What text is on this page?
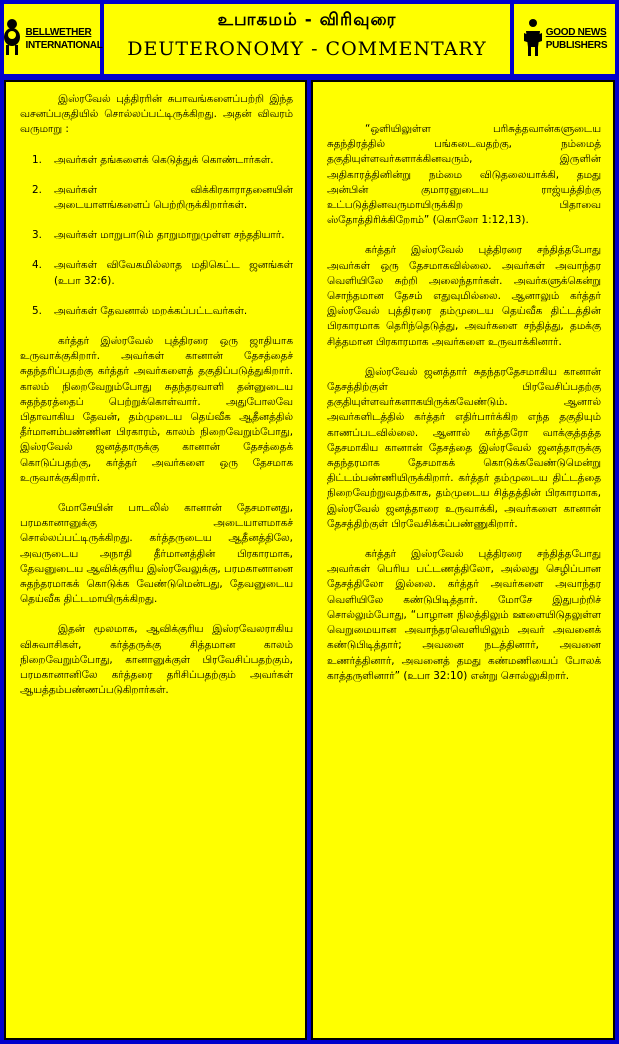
BELLWETHER
INTERNATIONAL
உபாகமம் - விரிவுரை
DEUTERONOMY - COMMENTARY
GOOD NEWS
PUBLISHERS

இஸ்ரவேல் புத்திரரின் சுபாவங்களைப்பற்றி இந்த வசனப்பகுதியில் சொல்லப்பட்டிருக்கிறது. அதன் விவரம் வருமாறு :

1. அவர்கள் தங்களைக் கெடுத்துக் கொண்டார்கள்.
2. அவர்கள் விக்கிரகாராதனையின் அடையாளங்களைப் பெற்றிருக்கிறார்கள்.
3. அவர்கள் மாறுபாடும் தாறுமாறுமுள்ள சந்ததியார்.
4. அவர்கள் விவேகமில்லாத மதிகெட்ட ஜனங்கள் (உபா 32:6).
5. அவர்கள் தேவனால் மறக்கப்பட்டவர்கள்.

கர்த்தர் இஸ்ரவேல் புத்திரரை ஒரு ஜாதியாக உருவாக்குகிறார். அவர்கள் கானான் தேசத்தைச் சுதந்தரிப்பதற்கு கர்த்தர் அவர்களைத் தகுதிப்படுத்துகிறார். காலம் நிறைவேறும்போது சுதந்தரவாளி தன்னுடைய சுதந்தரத்தைப் பெற்றுக்கொள்வார். அதுபோலவே பிதாவாகிய தேவன், தம்முடைய தெய்வீக ஆதீனத்தில் தீர்மானம்பண்ணின பிரகாரம், காலம் நிறைவேறும்போது, இஸ்ரவேல் ஜனத்தாருக்கு கானான் தேசத்தைக் கொடுப்பதற்கு, கர்த்தர் அவர்களை ஒரு தேசமாக உருவாக்குகிறார்.

மோசேயின் பாடலில் கானான் தேசமானது, பரமகானானுக்கு அடையாளமாகச் சொல்லப்பட்டிருக்கிறது. கர்த்தருடைய ஆதீனத்திலே, அவருடைய அநாதி தீர்மானத்தின் பிரகாரமாக, தேவனுடைய ஆவிக்குரிய இஸ்ரவேலுக்கு, பரமகானானை சுதந்தரமாகக் கொடுக்க வேண்டுமென்பது, தேவனுடைய தெய்வீக திட்டமாயிருக்கிறது.

இதன் மூலமாக, ஆவிக்குரிய இஸ்ரவேலராகிய விசுவாசிகள், கர்த்தருக்கு சித்தமான காலம் நிறைவேறும்போது, கானானுக்குள் பிரவேசிப்பதற்கும், பரமகானானிலே கர்த்தரை தரிசிப்பதற்கும் அவர்கள் ஆயத்தம்பண்ணப்படுகிறார்கள்.

“ஒளியிலுள்ள பரிசுத்தவான்களுடைய சுதந்திரத்தில் பங்கடைவதற்கு, நம்மைத் தகுதியுள்ளவர்களாக்கினவரும், இருளின் அதிகாரத்தினின்று நம்மை விடுதலையாக்கி, தமது அன்பின் குமாரனுடைய ராஜ்யத்திற்கு உட்படுத்தினவருமாயிருக்கிற பிதாவை ஸ்தோத்திரிக்கிறோம்” (கொலோ 1:12,13).

கர்த்தர் இஸ்ரவேல் புத்திரரை சந்தித்தபோது அவர்கள் ஒரு தேசமாகவில்லை. அவர்கள் அவாந்தர வெளியிலே சுற்றி அலைந்தார்கள். அவர்களுக்கென்று சொந்தமான தேசம் எதுவுமில்லை. ஆனாலும் கர்த்தர் இஸ்ரவேல் புத்திரரை தம்முடைய தெய்வீக திட்டத்தின் பிரகாரமாக தெரிந்தெடுத்து, அவர்களை சந்தித்து, தமக்கு சித்தமான பிரகாரமாக அவர்களை உருவாக்கினார்.

இஸ்ரவேல் ஜனத்தார் சுதந்தரதேசமாகிய கானான் தேசத்திற்குள் பிரவேசிப்பதற்கு தகுதியுள்ளவர்களாகயிருக்கவேண்டும். ஆனால் அவர்களிடத்தில் கர்த்தர் எதிர்பார்க்கிற எந்த தகுதியும் காணப்படவில்லை. ஆனால் கர்த்தரோ வாக்குத்தத்த தேசமாகிய கானான் தேசத்தை இஸ்ரவேல் ஜனத்தாருக்கு சுதந்தரமாக தேசமாகக் கொடுக்கவேண்டுமென்று திட்டம்பண்ணியிருக்கிறார். கர்த்தர் தம்முடைய திட்டத்தை நிறைவேற்றுவதற்காக, தம்முடைய சித்தத்தின் பிரகாரமாக, இஸ்ரவேல் ஜனத்தாரை உருவாக்கி, அவர்களை கானான் தேசத்திற்குள் பிரவேசிக்கப்பண்ணுகிறார்.

கர்த்தர் இஸ்ரவேல் புத்திரரை சந்தித்தபோது அவர்கள் பெரிய பட்டணத்திலோ, அல்லது செழிப்பான தேசத்திலோ இல்லை. கர்த்தர் அவர்களை அவாந்தர வெளியிலே கண்டுபிடித்தார். மோசே இதுபற்றிச் சொல்லும்போது, “பாழான நிலத்திலும் ஊளையிடுதலுள்ள வெறுமையான அவாந்தரவெளியிலும் அவர் அவனைக் கண்டுபிடித்தார்; அவனை நடத்தினார், அவனை உணர்த்தினார், அவனைத் தமது கண்மணியைப் போலக் காத்தருளினார்” (உபா 32:10) என்று சொல்லுகிறார்.
